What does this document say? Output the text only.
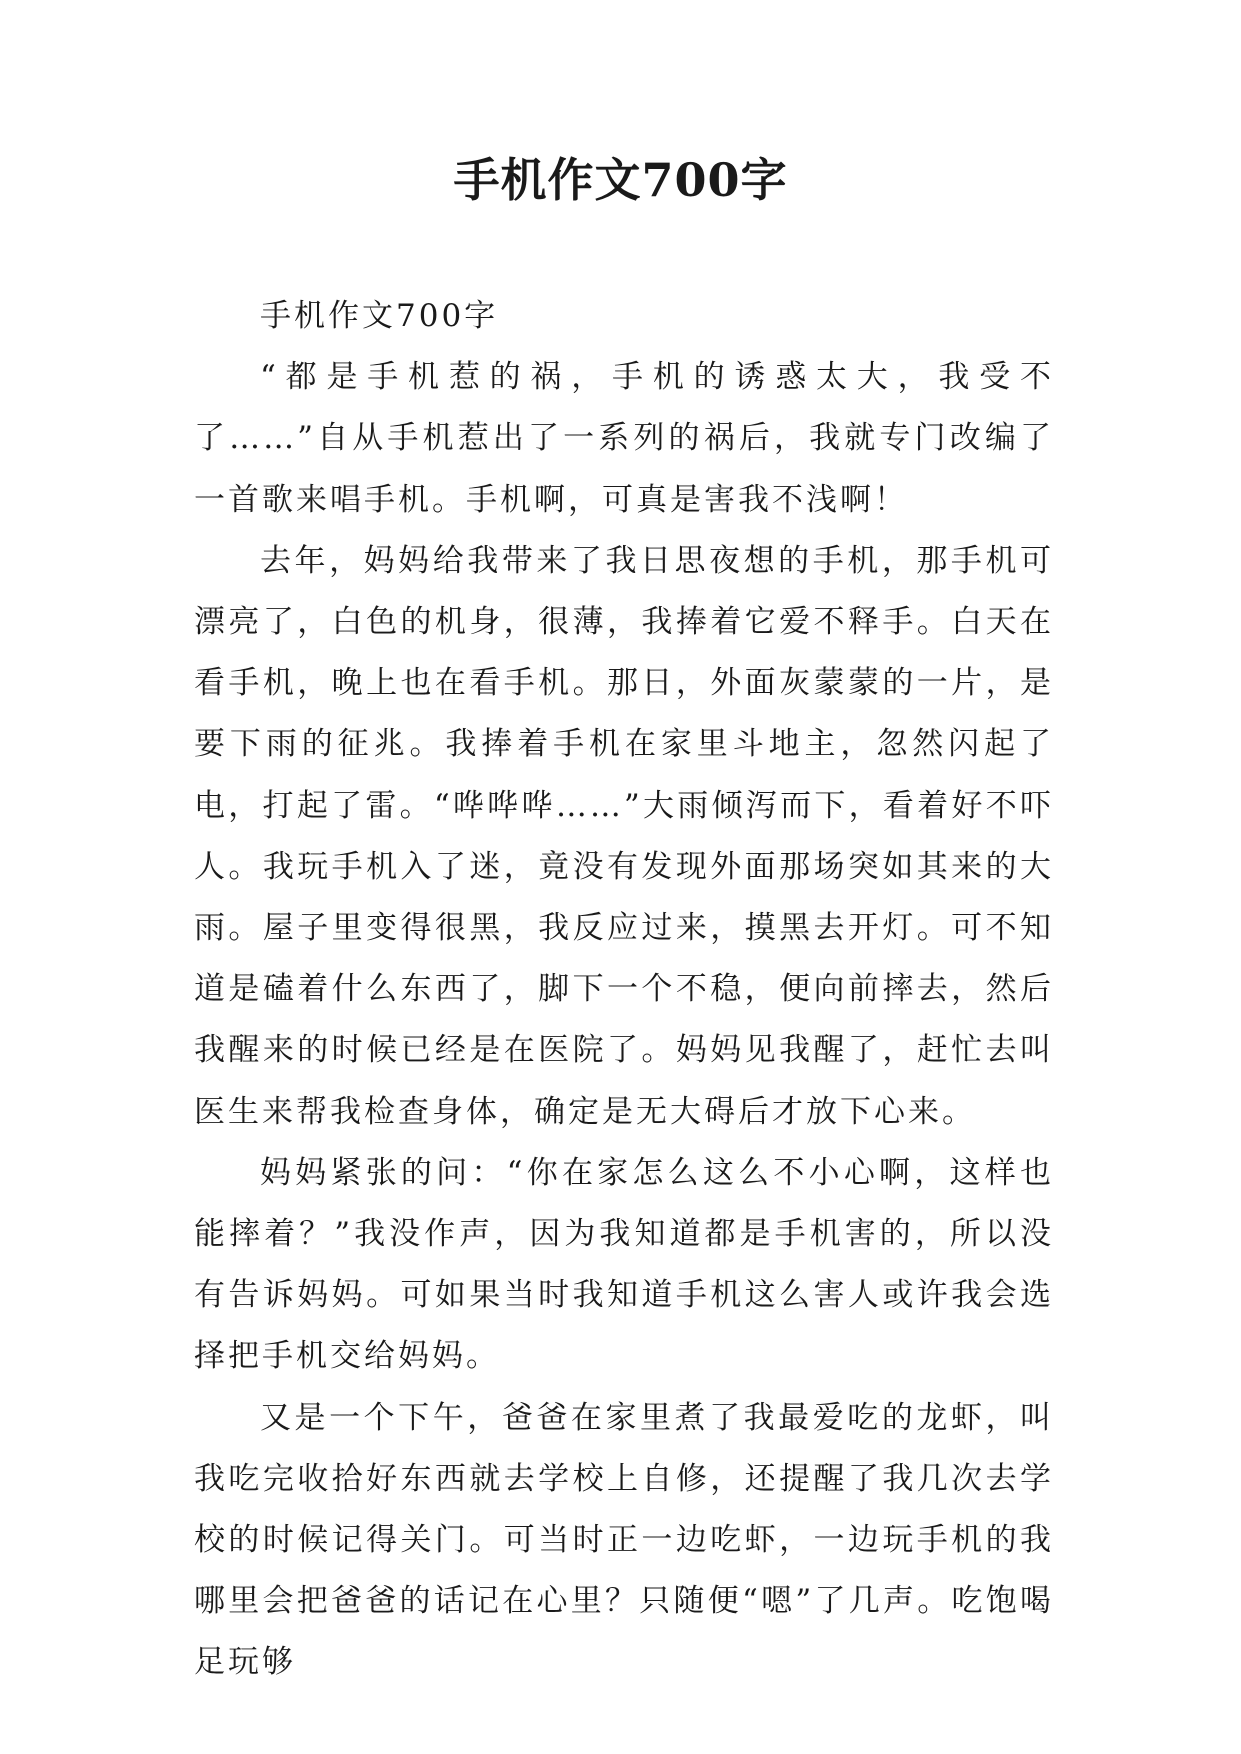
手机作文700字

手机作文700字

“都是手机惹的祸，手机的诱惑太大，我受不了……”自从手机惹出了一系列的祸后，我就专门改编了一首歌来唱手机。手机啊，可真是害我不浅啊！

去年，妈妈给我带来了我日思夜想的手机，那手机可漂亮了，白色的机身，很薄，我捧着它爱不释手。白天在看手机，晚上也在看手机。那日，外面灰蒙蒙的一片，是要下雨的征兆。我捧着手机在家里斗地主，忽然闪起了电，打起了雷。“哗哗哗……”大雨倾泻而下，看着好不吓人。我玩手机入了迷，竟没有发现外面那场突如其来的大雨。屋子里变得很黑，我反应过来，摸黑去开灯。可不知道是磕着什么东西了，脚下一个不稳，便向前摔去，然后我醒来的时候已经是在医院了。妈妈见我醒了，赶忙去叫医生来帮我检查身体，确定是无大碍后才放下心来。

妈妈紧张的问：“你在家怎么这么不小心啊，这样也能摔着？”我没作声，因为我知道都是手机害的，所以没有告诉妈妈。可如果当时我知道手机这么害人或许我会选择把手机交给妈妈。

又是一个下午，爸爸在家里煮了我最爱吃的龙虾，叫我吃完收拾好东西就去学校上自修，还提醒了我几次去学校的时候记得关门。可当时正一边吃虾，一边玩手机的我哪里会把爸爸的话记在心里？只随便“嗯”了几声。吃饱喝足玩够
